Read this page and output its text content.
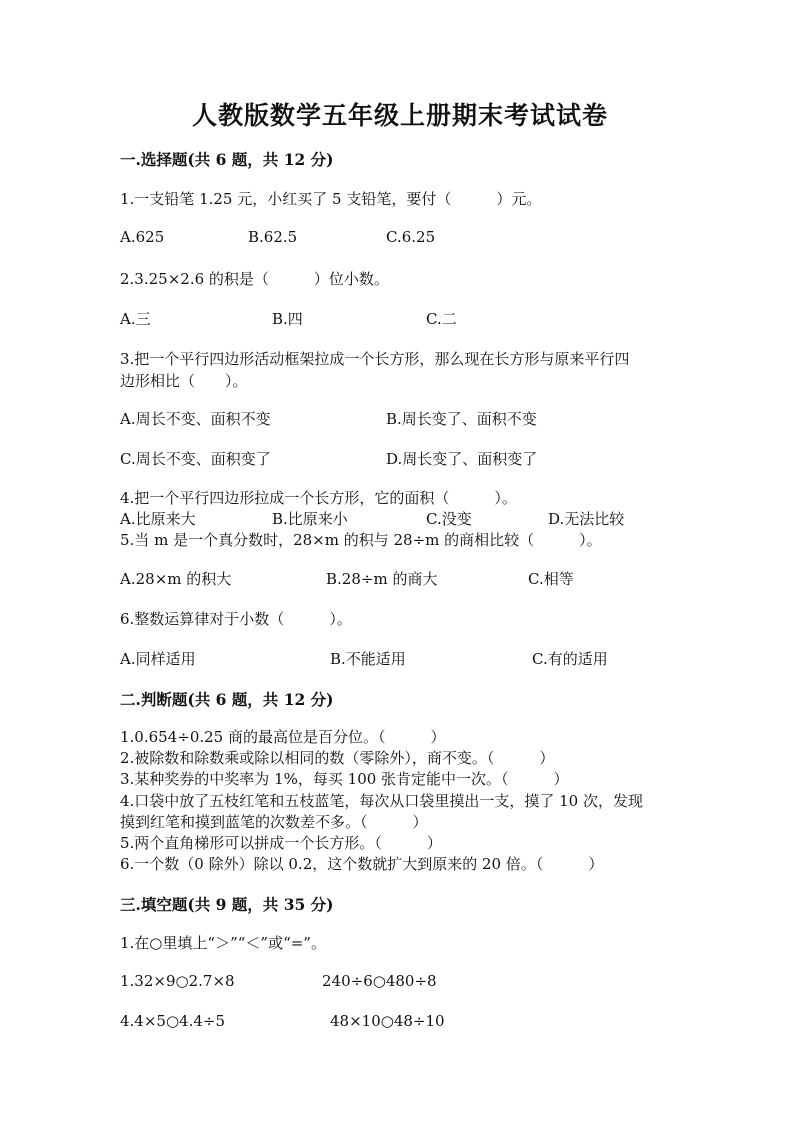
人教版数学五年级上册期末考试试卷
一.选择题(共 6 题，共 12 分)
1.一支铅笔 1.25 元，小红买了 5 支铅笔，要付（　　　）元。
A.625	B.62.5	C.6.25
2.3.25×2.6 的积是（　　　）位小数。
A.三	B.四	C.二
3.把一个平行四边形活动框架拉成一个长方形，那么现在长方形与原来平行四
边形相比（　　）。
A.周长不变、面积不变	B.周长变了、面积不变
C.周长不变、面积变了	D.周长变了、面积变了
4.把一个平行四边形拉成一个长方形，它的面积（　　　）。
A.比原来大	B.比原来小	C.没变	D.无法比较
5.当 m 是一个真分数时，28×m 的积与 28÷m 的商相比较（　　　）。
A.28×m 的积大	B.28÷m 的商大	C.相等
6.整数运算律对于小数（　　　）。
A.同样适用	B.不能适用	C.有的适用
二.判断题(共 6 题，共 12 分)
1.0.654÷0.25 商的最高位是百分位。（　　　）
2.被除数和除数乘或除以相同的数（零除外），商不变。（　　　）
3.某种奖券的中奖率为 1%，每买 100 张肯定能中一次。（　　　）
4.口袋中放了五枝红笔和五枝蓝笔，每次从口袋里摸出一支，摸了 10 次，发现
摸到红笔和摸到蓝笔的次数差不多。（　　　）
5.两个直角梯形可以拼成一个长方形。（　　　）
6.一个数（0 除外）除以 0.2，这个数就扩大到原来的 20 倍。（　　　）
三.填空题(共 9 题，共 35 分)
1.在○里填上“＞”“＜”或“=”。
1.32×9○2.7×8	240÷6○480÷8
4.4×5○4.4÷5	48×10○48÷10
